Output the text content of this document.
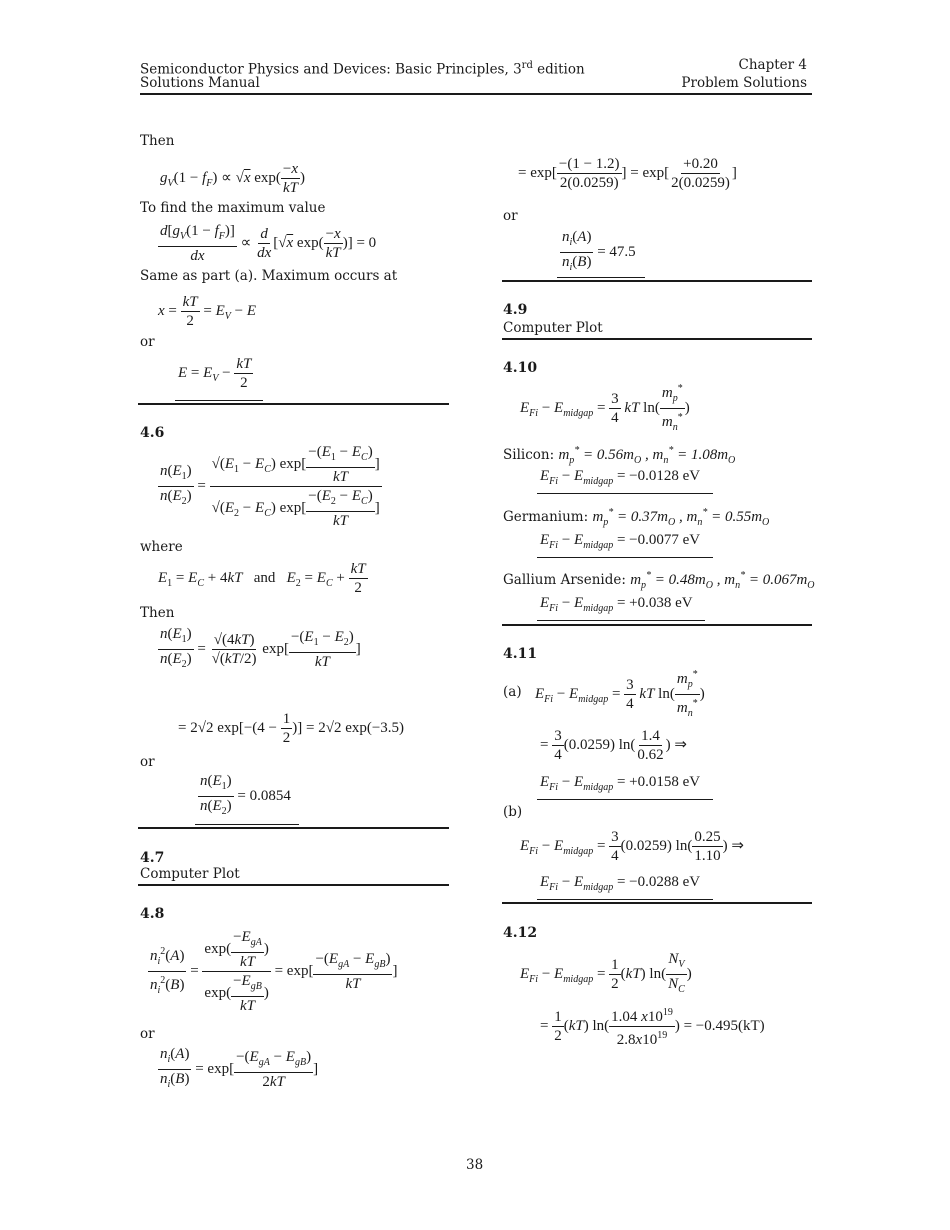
Semiconductor Physics and Devices: Basic Principles, 3rd edition
Solutions Manual
Chapter 4
Problem Solutions
Then
$g_V(1 - f_F) \propto √x$ $\exp( \frac{-x}{kT}$ )
To find the maximum value
$\frac{d[g_V(1 - f_F)]}{dx} \propto \frac{d}{dx} [√x$ $\exp( \frac{-x}{kT}$ )] = 0
Same as part (a). Maximum occurs at
$x = \frac{kT}{2} = E_V - E$
or
$E = E_V - \frac{kT}{2}$
4.6
$\frac{n(E_1)}{n(E_2)} = \frac{√(E_1 - E_C) \exp[ \frac{-(E_1 - E_C)}{kT} ]}{√(E_2 - E_C) \exp[ \frac{-(E_2 - E_C)}{kT} ]}$
where
$E_1 = E_C + 4kT$ and $E_2 = E_C + \frac{kT}{2}$
Then
$\frac{n(E_1)}{n(E_2)} = \frac{√(4kT)}{√(kT/2)} \exp[ \frac{-(E_1 - E_2)}{kT}$ ]
= 2√2 $\exp[-(4 - \frac{1}{2}$ )] = 2√2 exp(−3.5)
or
$\frac{n(E_1)}{n(E_2)} = 0.0854$
4.7
Computer Plot
4.8
$\frac{n_i^2(A)}{n_i^2(B)} = \frac{\exp( \frac{-E_{gA}}{kT} )}{\exp( \frac{-E_{gB}}{kT} )} = \exp[ \frac{-(E_{gA} - E_{gB})}{kT}$ ]
or
$\frac{n_i(A)}{n_i(B)} = \exp[ \frac{-(E_{gA} - E_{gB})}{2kT}$ ]
= $\exp[ \frac{-(1 - 1.2)}{2(0.0259)}$ ] = $\exp[ \frac{+0.20}{2(0.0259)}$ ]
or
$\frac{n_i(A)}{n_i(B)} = 47.5$
4.9
Computer Plot
4.10
$E_{Fi} - E_{midgap} = \frac{3}{4}$ kT $\ln( \frac{m_p^*}{m_n^*}$ )
Silicon: $m_p^* = 0.56m_O$ , $m_n^* = 1.08m_O$
$E_{Fi} - E_{midgap} = -0.0128$ eV
Germanium: $m_p^* = 0.37m_O$ , $m_n^* = 0.55m_O$
$E_{Fi} - E_{midgap} = -0.0077$ eV
Gallium Arsenide: $m_p^* = 0.48m_O$ , $m_n^* = 0.067m_O$
$E_{Fi} - E_{midgap} = +0.038$ eV
4.11
(a) $E_{Fi} - E_{midgap} = \frac{3}{4}$ kT $\ln( \frac{m_p^*}{m_n^*}$ )
= $\frac{3}{4} (0.0259)$ $\ln( \frac{1.4}{0.62}$ ) ⇒
$E_{Fi} - E_{midgap} = +0.0158$ eV
(b)
$E_{Fi} - E_{midgap} = \frac{3}{4} (0.0259)$ $\ln( \frac{0.25}{1.10}$ ) ⇒
$E_{Fi} - E_{midgap} = -0.0288$ eV
4.12
$E_{Fi} - E_{midgap} = \frac{1}{2} (kT)$ $\ln( \frac{N_V}{N_C}$ )
= $\frac{1}{2} (kT)$ $\ln( \frac{1.04 x10^{19}}{2.8x10^{19}}$ ) = −0.495(kT)
38
